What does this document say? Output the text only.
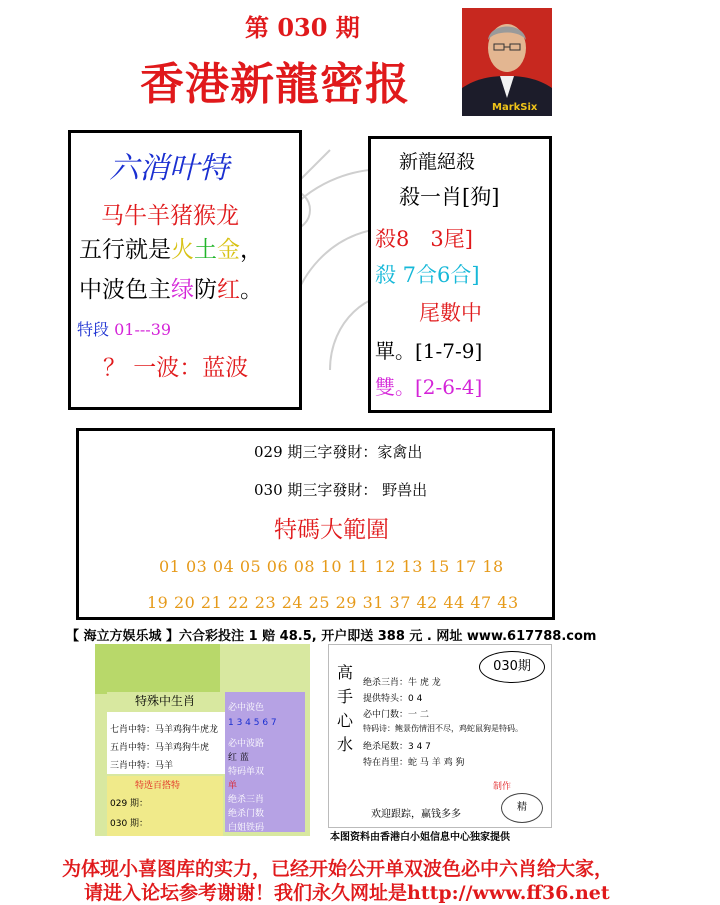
第 030 期
香港新龍密报	MarkSix
六消叶特
马牛羊猪猴龙
五行就是火土金，
中波色主绿防红。
特段 01---39
？ 一波：蓝波
新龍絕殺
殺一肖[狗]
殺8　3尾]
殺 7合6合]
尾數中
單。[1-7-9]
雙。[2-6-4]
029 期三字發財：家禽出
030 期三字發財： 野兽出
特碼大範圍
01 03 04 05 06 08 10 11 12 13 15 17 18
19 20 21 22 23 24 25 29 31 37 42 44 47 43
【 海立方娱乐城 】六合彩投注 1 赔 48.5, 开户即送 388 元 . 网址 www.617788.com
特殊中生肖
七肖中特：马羊鸡狗牛虎龙
五肖中特：马羊鸡狗牛虎
三肖中特：马羊
必中波色
1 3 4 5 6 7
必中波路
红 蓝
特码单双
单
绝杀三肖
绝杀门数
白姐铁码
特选百搭特
029 期：
030 期：
高手心水
030期
绝杀三肖：牛 虎 龙
提供特头：0 4
必中门数：一 二
特码诗：鲍景伤情泪不尽，鸡蛇鼠狗是特码。
绝杀尾数：3 4 7
特在肖里：蛇 马 羊 鸡 狗
欢迎跟踪，赢钱多多
精
制作
本图资料由香港白小姐信息中心独家提供
为体现小喜图库的实力，已经开始公开单双波色必中六肖给大家，
请进入论坛参考谢谢！我们永久网址是http://www.ff36.net
